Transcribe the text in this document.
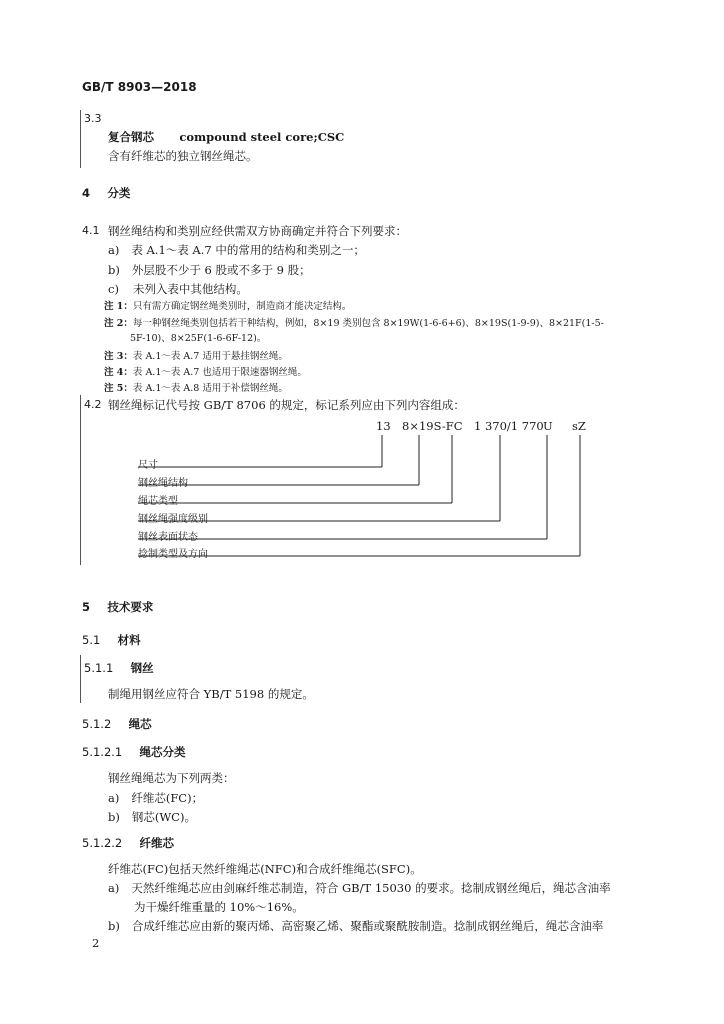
GB/T 8903—2018
3.3
复合钢芯 compound steel core;CSC
含有纤维芯的独立钢丝绳芯。
4 分类
4.1 钢丝绳结构和类别应经供需双方协商确定并符合下列要求：
a) 表 A.1～表 A.7 中的常用的结构和类别之一；
b) 外层股不少于 6 股或不多于 9 股；
c) 未列入表中其他结构。
注 1：只有需方确定钢丝绳类别时，制造商才能决定结构。
注 2：每一种钢丝绳类别包括若干种结构，例如，8×19 类别包含 8×19W(1-6-6+6)、8×19S(1-9-9)、8×21F(1-5-
5F-10)、8×25F(1-6-6F-12)。
注 3：表 A.1～表 A.7 适用于悬挂钢丝绳。
注 4：表 A.1～表 A.7 也适用于限速器钢丝绳。
注 5：表 A.1～表 A.8 适用于补偿钢丝绳。
4.2 钢丝绳标记代号按 GB/T 8706 的规定，标记系列应由下列内容组成：
13 8×19S-FC 1 370/1 770 U sZ
尺寸
钢丝绳结构
绳芯类型
钢丝绳强度级别
钢丝表面状态
捻制类型及方向
5 技术要求
5.1 材料
5.1.1 钢丝
制绳用钢丝应符合 YB/T 5198 的规定。
5.1.2 绳芯
5.1.2.1 绳芯分类
钢丝绳绳芯为下列两类：
a) 纤维芯(FC)；
b) 钢芯(WC)。
5.1.2.2 纤维芯
纤维芯(FC)包括天然纤维绳芯(NFC)和合成纤维绳芯(SFC)。
a) 天然纤维绳芯应由剑麻纤维芯制造，符合 GB/T 15030 的要求。捻制成钢丝绳后，绳芯含油率
为干燥纤维重量的 10%～16%。
b) 合成纤维芯应由新的聚丙烯、高密聚乙烯、聚酯或聚酰胺制造。捻制成钢丝绳后，绳芯含油率
2
